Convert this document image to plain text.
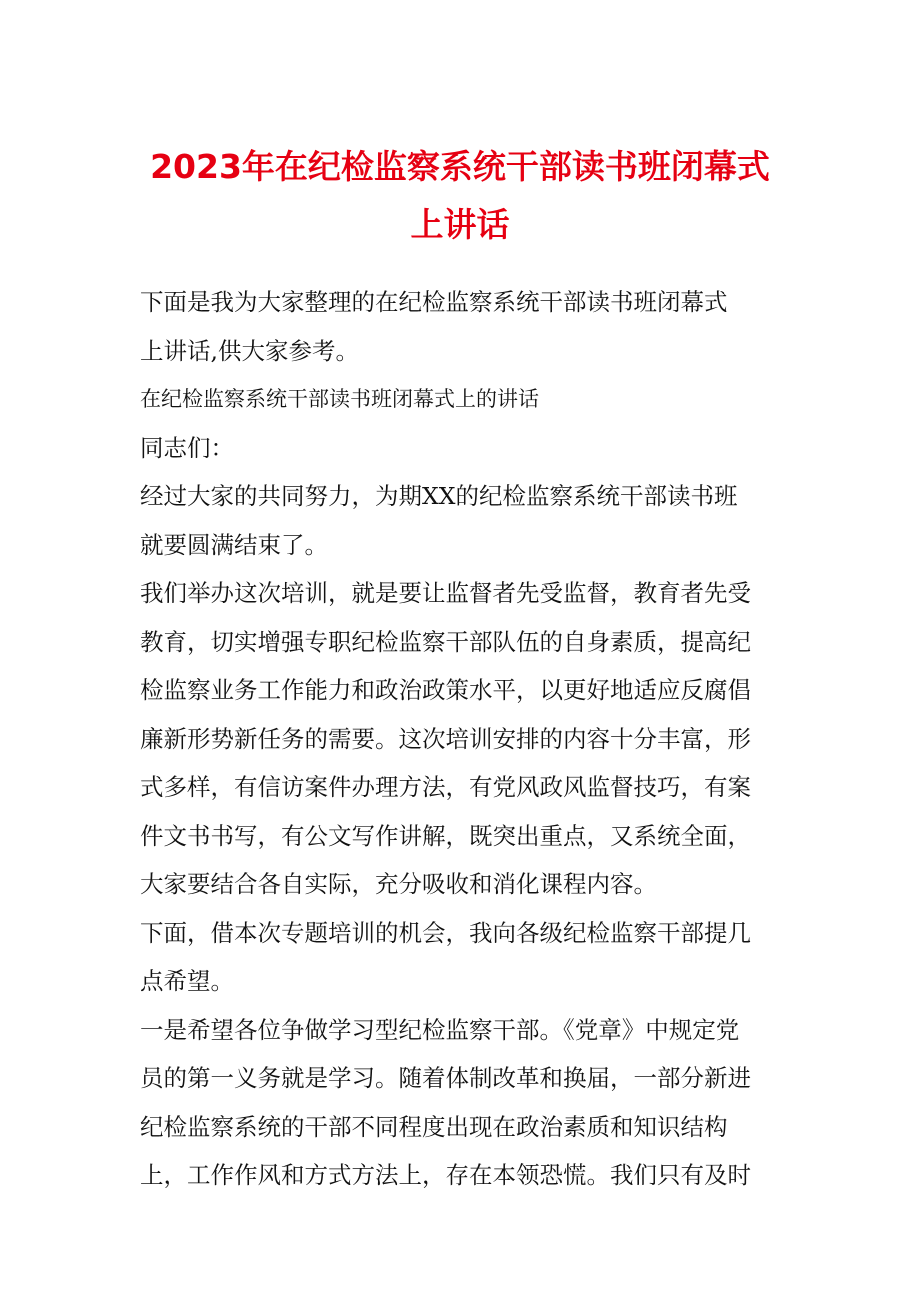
2023年在纪检监察系统干部读书班闭幕式
上讲话
下面是我为大家整理的在纪检监察系统干部读书班闭幕式
上讲话,供大家参考。
在纪检监察系统干部读书班闭幕式上的讲话
同志们：
经过大家的共同努力，为期XX的纪检监察系统干部读书班
就要圆满结束了。
我们举办这次培训，就是要让监督者先受监督，教育者先受
教育，切实增强专职纪检监察干部队伍的自身素质，提高纪
检监察业务工作能力和政治政策水平，以更好地适应反腐倡
廉新形势新任务的需要。这次培训安排的内容十分丰富，形
式多样，有信访案件办理方法，有党风政风监督技巧，有案
件文书书写，有公文写作讲解，既突出重点，又系统全面，
大家要结合各自实际，充分吸收和消化课程内容。
下面，借本次专题培训的机会，我向各级纪检监察干部提几
点希望。
一是希望各位争做学习型纪检监察干部。《党章》中规定党
员的第一义务就是学习。随着体制改革和换届，一部分新进
纪检监察系统的干部不同程度出现在政治素质和知识结构
上，工作作风和方式方法上，存在本领恐慌。我们只有及时
